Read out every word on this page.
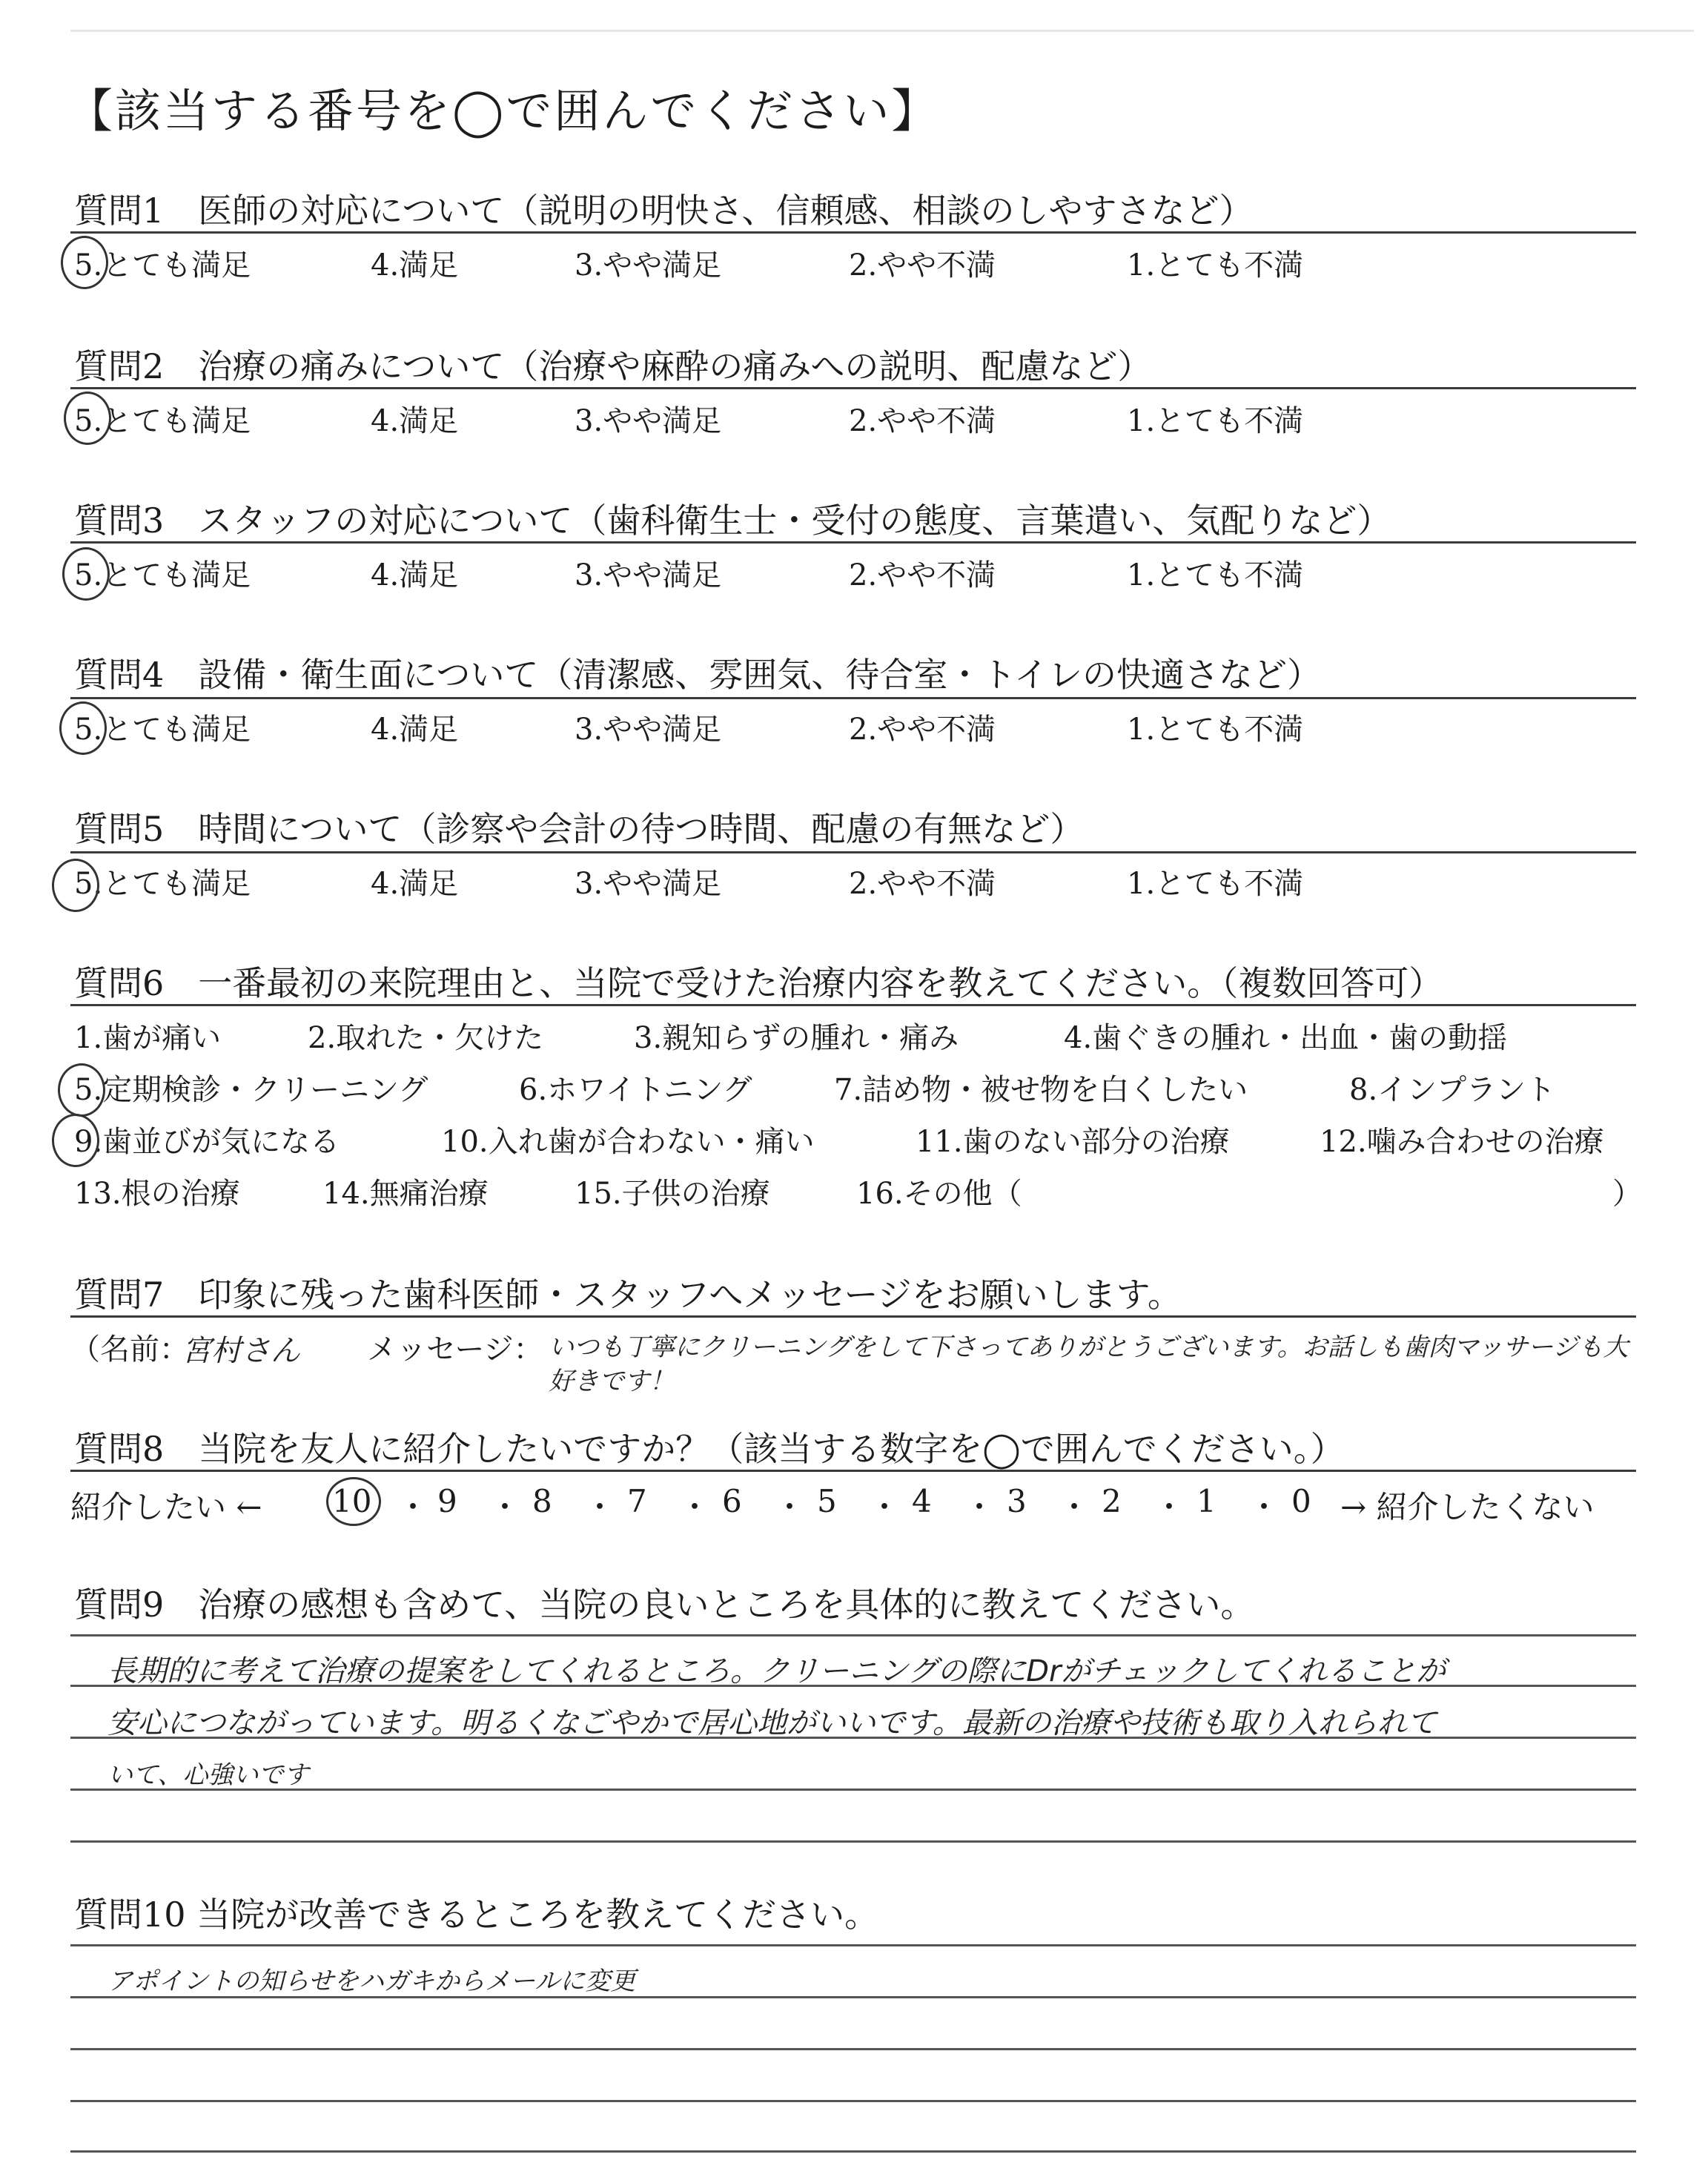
【該当する番号を◯で囲んでください】
質問1　医師の対応について（説明の明快さ、信頼感、相談のしやすさなど）
5.とても満足	4.満足	3.やや満足	2.やや不満	1.とても不満
質問2　治療の痛みについて（治療や麻酔の痛みへの説明、配慮など）
5.とても満足	4.満足	3.やや満足	2.やや不満	1.とても不満
質問3　スタッフの対応について（歯科衛生士・受付の態度、言葉遣い、気配りなど）
5.とても満足	4.満足	3.やや満足	2.やや不満	1.とても不満
質問4　設備・衛生面について（清潔感、雰囲気、待合室・トイレの快適さなど）
5.とても満足	4.満足	3.やや満足	2.やや不満	1.とても不満
質問5　時間について（診察や会計の待つ時間、配慮の有無など）
5.とても満足	4.満足	3.やや満足	2.やや不満	1.とても不満
質問6　一番最初の来院理由と、当院で受けた治療内容を教えてください。（複数回答可）
1.歯が痛い	2.取れた・欠けた	3.親知らずの腫れ・痛み	4.歯ぐきの腫れ・出血・歯の動揺
5.定期検診・クリーニング	6.ホワイトニング	7.詰め物・被せ物を白くしたい	8.インプラント
9.歯並びが気になる	10.入れ歯が合わない・痛い	11.歯のない部分の治療	12.噛み合わせの治療
13.根の治療	14.無痛治療	15.子供の治療	16.その他（	）
質問7　印象に残った歯科医師・スタッフへメッセージをお願いします。
（名前：
宮村さん メッセージ： いつも丁寧にクリーニングをして下さってありがとうございます。お話しも歯肉マッサージも大好きです！
質問8　当院を友人に紹介したいですか？（該当する数字を◯で囲んでください。）
紹介したい ← 10 ・ 9 ・ 8 ・ 7 ・ 6 ・ 5 ・ 4 ・ 3 ・ 2 ・ 1 ・ 0 → 紹介したくない
質問9　治療の感想も含めて、当院の良いところを具体的に教えてください。
長期的に考えて治療の提案をしてくれるところ。クリーニングの際にDrがチェックしてくれることが
安心につながっています。明るくなごやかで居心地がいいです。最新の治療や技術も取り入れられて
いて、心強いです
質問10 当院が改善できるところを教えてください。
アポイントの知らせをハガキからメールに変更
